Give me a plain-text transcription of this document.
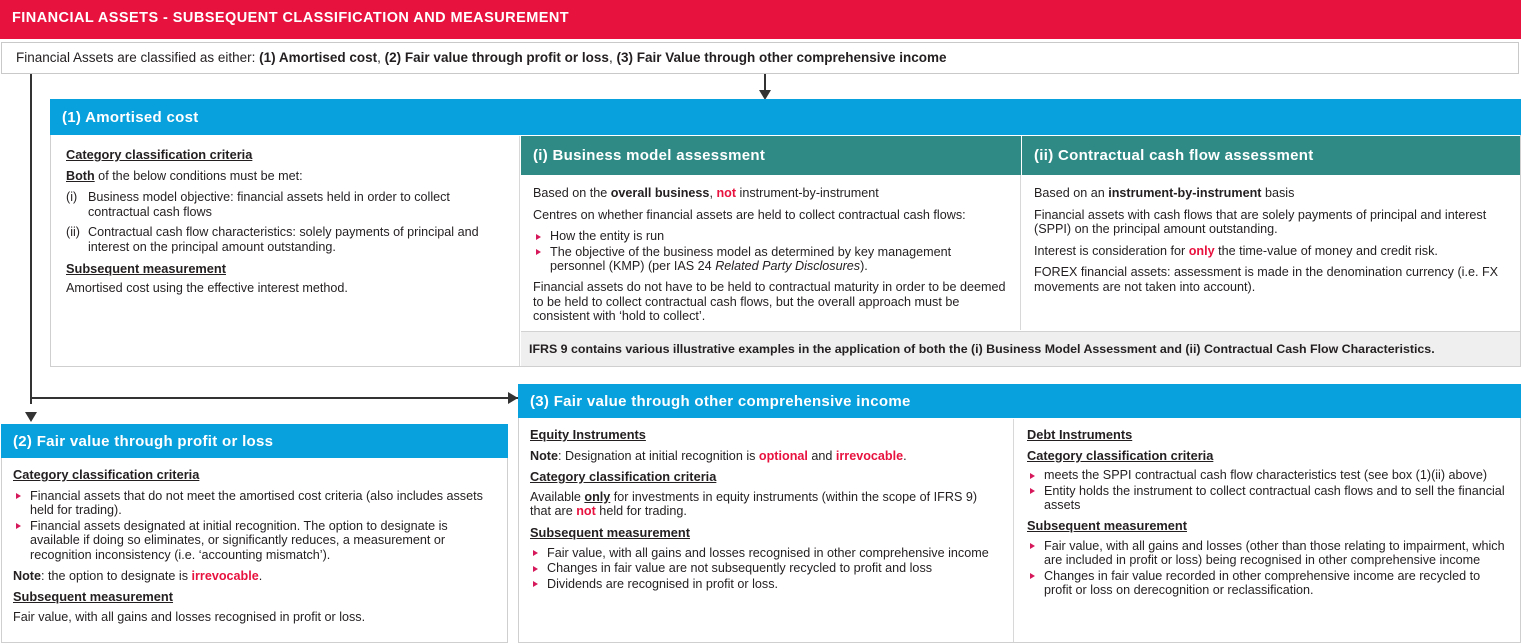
FINANCIAL ASSETS - SUBSEQUENT CLASSIFICATION AND MEASUREMENT
Financial Assets are classified as either: (1) Amortised cost, (2) Fair value through profit or loss, (3) Fair Value through other comprehensive income
(1) Amortised cost
Category classification criteria

Both of the below conditions must be met:

(i) Business model objective: financial assets held in order to collect contractual cash flows
(ii) Contractual cash flow characteristics: solely payments of principal and interest on the principal amount outstanding.
Subsequent measurement

Amortised cost using the effective interest method.

(i) Business model assessment

Based on the overall business, not instrument-by-instrument

Centres on whether financial assets are held to collect contractual cash flows:

How the entity is run
The objective of the business model as determined by key management personnel (KMP) (per IAS 24 Related Party Disclosures).

Financial assets do not have to be held to contractual maturity in order to be deemed to be held to collect contractual cash flows, but the overall approach must be consistent with ‘hold to collect’.

(ii) Contractual cash flow assessment

Based on an instrument-by-instrument basis

Financial assets with cash flows that are solely payments of principal and interest (SPPI) on the principal amount outstanding.

Interest is consideration for only the time-value of money and credit risk.

FOREX financial assets: assessment is made in the denomination currency (i.e. FX movements are not taken into account).

IFRS 9 contains various illustrative examples in the application of both the (i) Business Model Assessment and (ii) Contractual Cash Flow Characteristics.
(2) Fair value through profit or loss
Category classification criteria
Financial assets that do not meet the amortised cost criteria (also includes assets held for trading).
Financial assets designated at initial recognition. The option to designate is available if doing so eliminates, or significantly reduces, a measurement or recognition inconsistency (i.e. ‘accounting mismatch’).

Note: the option to designate is irrevocable.

Subsequent measurement

Fair value, with all gains and losses recognised in profit or loss.

(3) Fair value through other comprehensive income
Equity Instruments

Note: Designation at initial recognition is optional and irrevocable.

Category classification criteria

Available only for investments in equity instruments (within the scope of IFRS 9) that are not held for trading.

Subsequent measurement
Fair value, with all gains and losses recognised in other comprehensive income
Changes in fair value are not subsequently recycled to profit and loss
Dividends are recognised in profit or loss.
Debt Instruments
Category classification criteria
meets the SPPI contractual cash flow characteristics test (see box (1)(ii) above)
Entity holds the instrument to collect contractual cash flows and to sell the financial assets
Subsequent measurement
Fair value, with all gains and losses (other than those relating to impairment, which are included in profit or loss) being recognised in other comprehensive income
Changes in fair value recorded in other comprehensive income are recycled to profit or loss on derecognition or reclassification.
